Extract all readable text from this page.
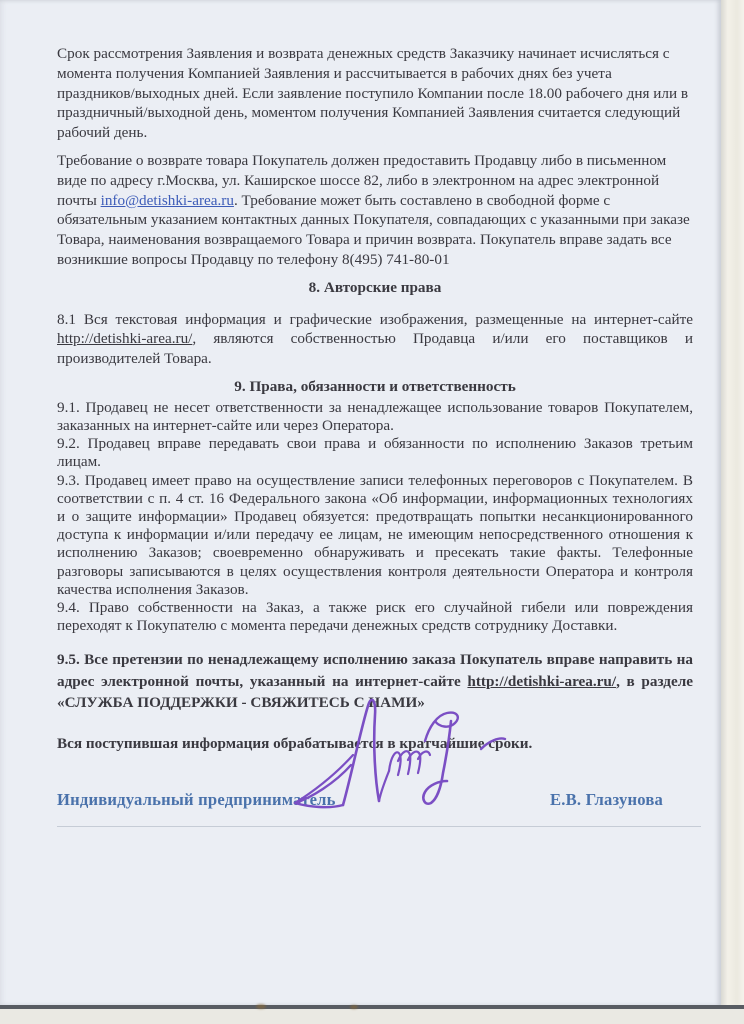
Срок рассмотрения Заявления и возврата денежных средств Заказчику начинает исчисляться с момента получения Компанией Заявления и рассчитывается в рабочих днях без учета праздников/выходных дней. Если заявление поступило Компании после 18.00 рабочего дня или в праздничный/выходной день, моментом получения Компанией Заявления считается следующий рабочий день.

Требование о возврате товара Покупатель должен предоставить Продавцу либо в письменном виде по адресу г.Москва, ул. Каширское шоссе 82, либо в электронном на адрес электронной почты info@detishki-area.ru. Требование может быть составлено в свободной форме с обязательным указанием контактных данных Покупателя, совпадающих с указанными при заказе Товара, наименования возвращаемого Товара и причин возврата. Покупатель вправе задать все возникшие вопросы Продавцу по телефону 8(495) 741-80-01

8. Авторские права

8.1 Вся текстовая информация и графические изображения, размещенные на интернет-сайте http://detishki-area.ru/, являются собственностью Продавца и/или его поставщиков и производителей Товара.

9. Права, обязанности и ответственность

9.1. Продавец не несет ответственности за ненадлежащее использование товаров Покупателем, заказанных на интернет-сайте или через Оператора.

9.2. Продавец вправе передавать свои права и обязанности по исполнению Заказов третьим лицам.

9.3. Продавец имеет право на осуществление записи телефонных переговоров с Покупателем. В соответствии с п. 4 ст. 16 Федерального закона «Об информации, информационных технологиях и о защите информации» Продавец обязуется: предотвращать попытки несанкционированного доступа к информации и/или передачу ее лицам, не имеющим непосредственного отношения к исполнению Заказов; своевременно обнаруживать и пресекать такие факты. Телефонные разговоры записываются в целях осуществления контроля деятельности Оператора и контроля качества исполнения Заказов.

9.4. Право собственности на Заказ, а также риск его случайной гибели или повреждения переходят к Покупателю с момента передачи денежных средств сотруднику Доставки.

9.5. Все претензии по ненадлежащему исполнению заказа Покупатель вправе направить на адрес электронной почты, указанный на интернет-сайте http://detishki-area.ru/, в разделе «СЛУЖБА ПОДДЕРЖКИ - СВЯЖИТЕСЬ С НАМИ»

Вся поступившая информация обрабатывается в кратчайшие сроки.

Индивидуальный предприниматель	Е.В. Глазунова
